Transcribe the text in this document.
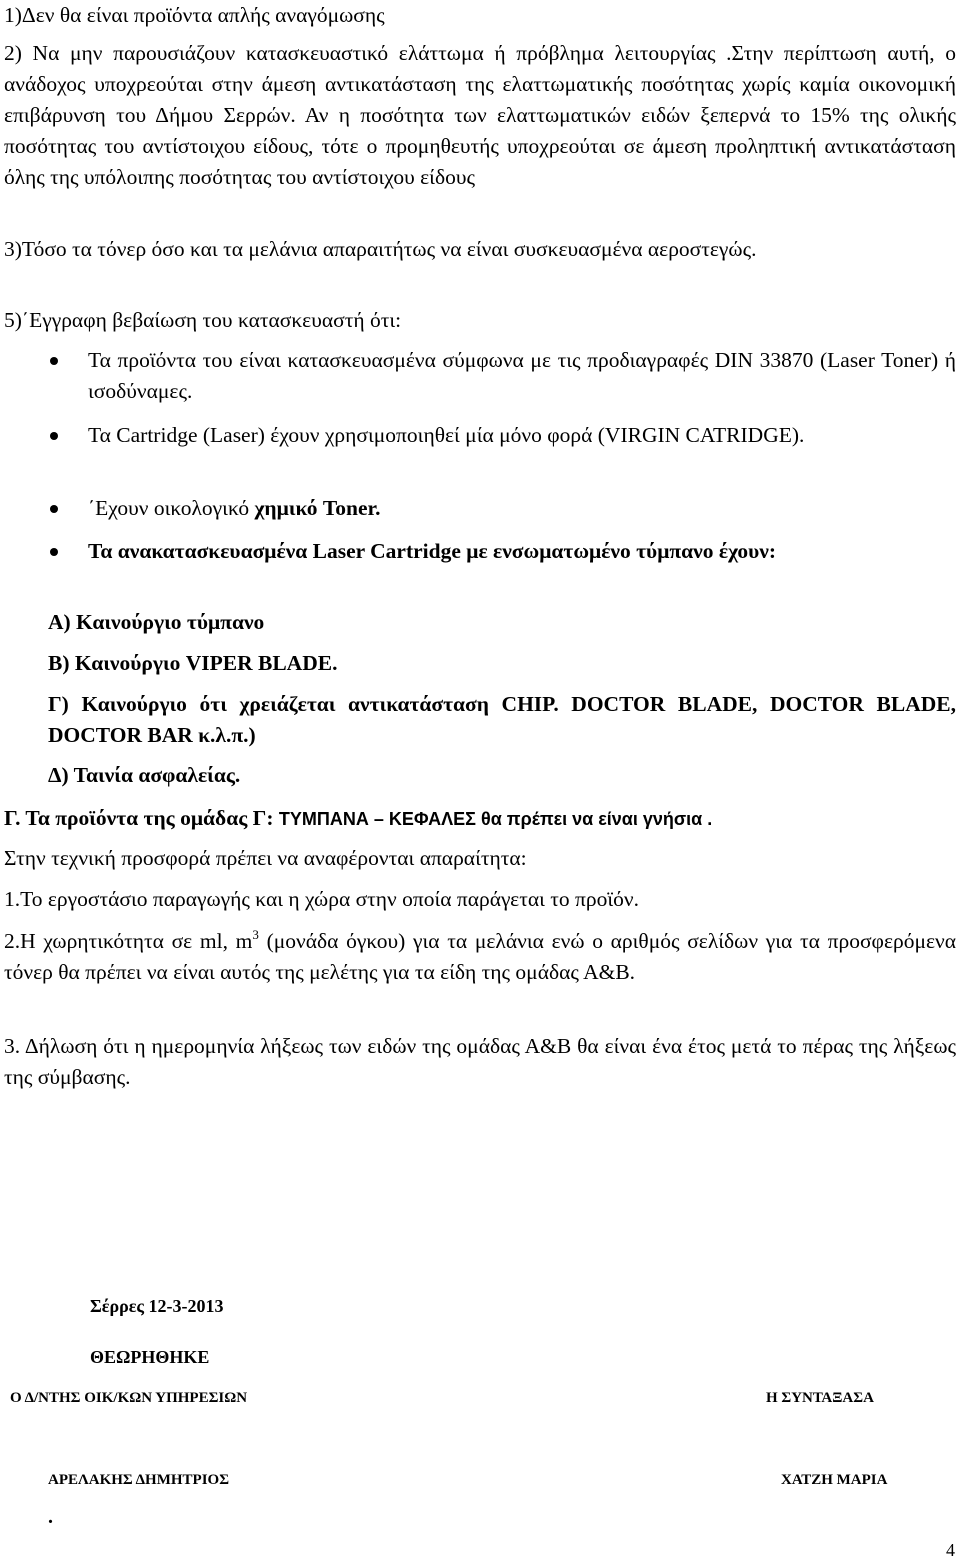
1)Δεν θα είναι προϊόντα απλής αναγόμωσης

2) Να μην παρουσιάζουν κατασκευαστικό ελάττωμα ή πρόβλημα λειτουργίας .Στην περίπτωση αυτή, ο ανάδοχος υποχρεούται στην άμεση αντικατάσταση της ελαττωματικής ποσότητας χωρίς καμία οικονομική επιβάρυνση του Δήμου Σερρών. Αν η ποσότητα των ελαττωματικών ειδών ξεπερνά το 15% της ολικής ποσότητας του αντίστοιχου είδους, τότε ο προμηθευτής υποχρεούται σε άμεση προληπτική αντικατάσταση όλης της υπόλοιπης ποσότητας του αντίστοιχου είδους

3)Τόσο τα τόνερ όσο και τα μελάνια απαραιτήτως να είναι συσκευασμένα αεροστεγώς.

5)΄Εγγραφη βεβαίωση του κατασκευαστή ότι:

Τα προϊόντα του είναι κατασκευασμένα σύμφωνα με τις προδιαγραφές DIN 33870 (Laser Toner) ή ισοδύναμες.
Τα Cartridge (Laser) έχουν χρησιμοποιηθεί μία μόνο φορά (VIRGIN CATRIDGE).
΄Εχουν οικολογικό χημικό Toner.
Τα ανακατασκευασμένα Laser Cartridge με ενσωματωμένο τύμπανο έχουν:

Α) Καινούργιο τύμπανο

Β) Καινούργιο VIPER BLADE.

Γ) Καινούργιο ότι χρειάζεται αντικατάσταση CHIP. DOCTOR BLADE, DOCTOR BLADE, DOCTOR BAR κ.λ.π.)

Δ) Ταινία ασφαλείας.

Γ. Τα προϊόντα της ομάδας Γ: ΤΥΜΠΑΝΑ – ΚΕΦΑΛΕΣ θα πρέπει να είναι γνήσια .

Στην τεχνική προσφορά πρέπει να αναφέρονται απαραίτητα:

1.Το εργοστάσιο παραγωγής και η χώρα στην οποία παράγεται το προϊόν.

2.Η χωρητικότητα σε ml, $m^3$ (μονάδα όγκου) για τα μελάνια ενώ ο αριθμός σελίδων για τα προσφερόμενα τόνερ θα πρέπει να είναι αυτός της μελέτης για τα είδη της ομάδας Α&Β.

3. Δήλωση ότι η ημερομηνία λήξεως των ειδών της ομάδας Α&Β θα είναι ένα έτος μετά το πέρας της λήξεως της σύμβασης.

Σέρρες 12-3-2013
ΘΕΩΡΗΘΗΚΕ
Ο Δ/ΝΤΗΣ ΟΙΚ/ΚΩΝ ΥΠΗΡΕΣΙΩΝ	Η ΣΥΝΤΑΞΑΣΑ
ΑΡΕΛΑΚΗΣ ΔΗΜΗΤΡΙΟΣ	ΧΑΤΖΗ ΜΑΡΙΑ
.
4
